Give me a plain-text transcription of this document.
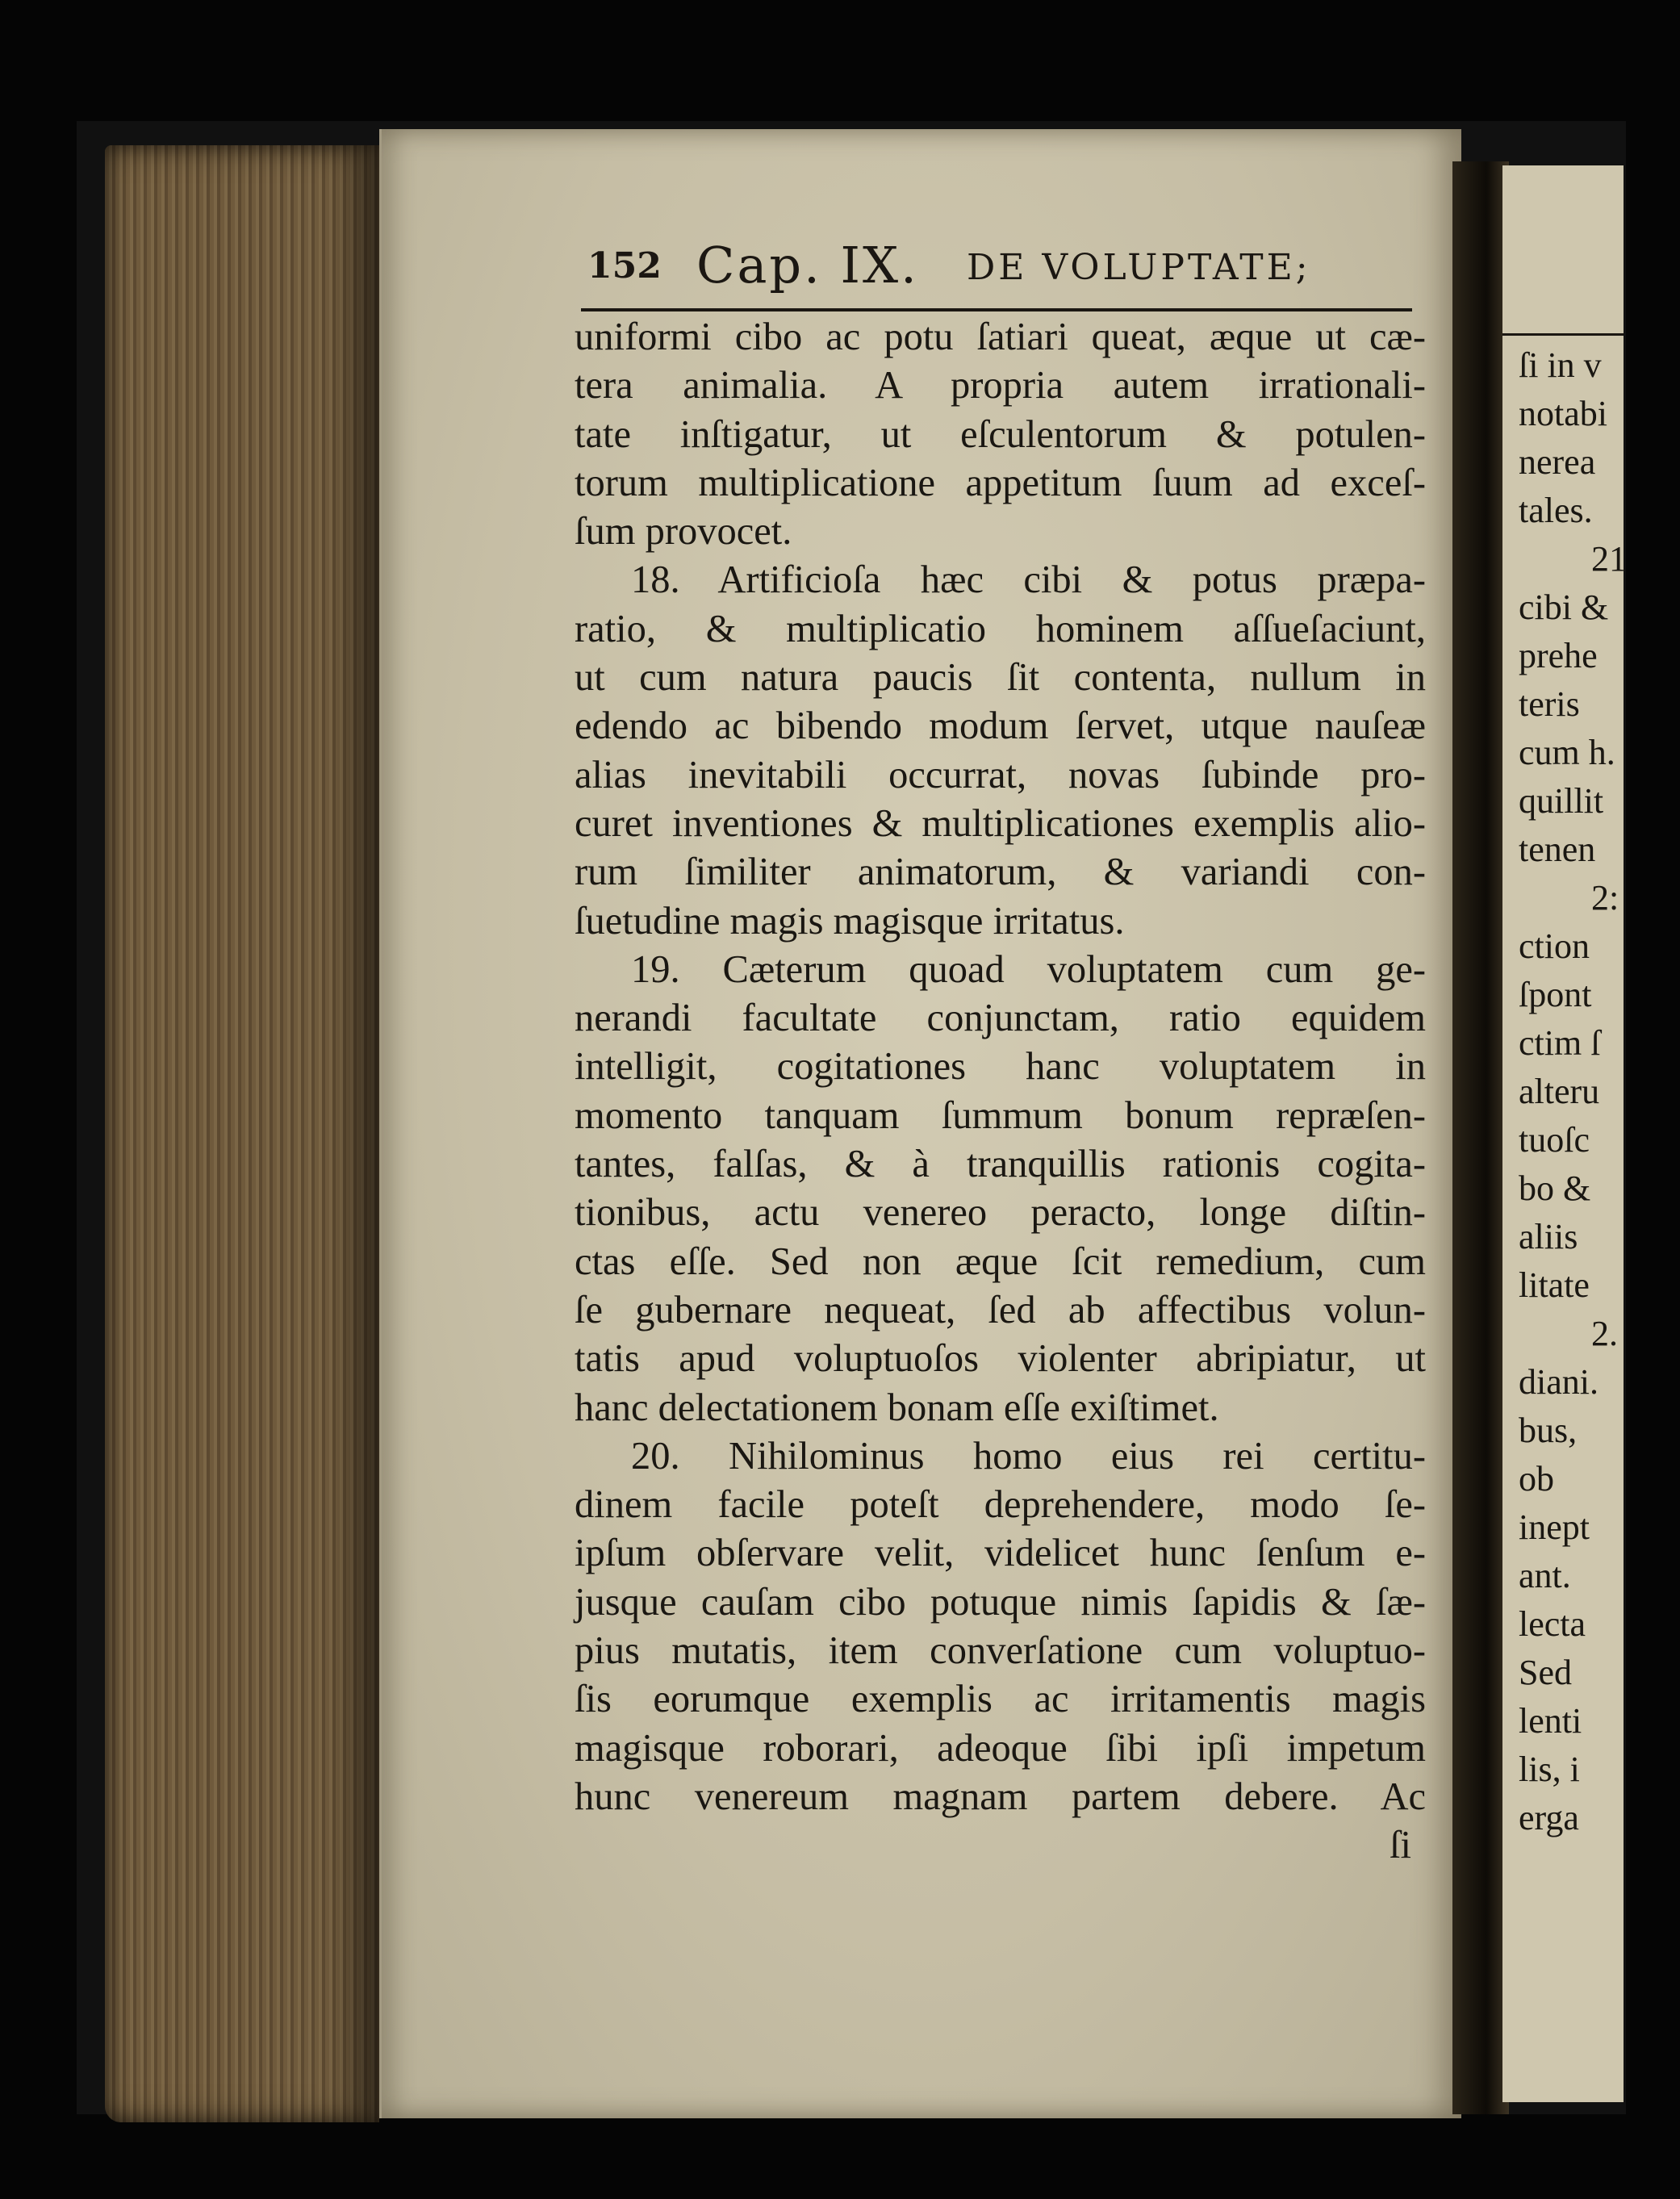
152 Cap. IX. DE VOLUPTATE;
uniformi cibo ac potu ſatiari queat, æque ut cæ-
tera animalia. A propria autem irrationali-
tate inſtigatur, ut eſculentorum & potulen-
torum multiplicatione appetitum ſuum ad exceſ-
ſum provocet.
18. Artificioſa hæc cibi & potus præpa-
ratio, & multiplicatio hominem aſſueſaciunt,
ut cum natura paucis ſit contenta, nullum in
edendo ac bibendo modum ſervet, utque nauſeæ
alias inevitabili occurrat, novas ſubinde pro-
curet inventiones & multiplicationes exemplis alio-
rum ſimiliter animatorum, & variandi con-
ſuetudine magis magisque irritatus.
19. Cæterum quoad voluptatem cum ge-
nerandi facultate conjunctam, ratio equidem
intelligit, cogitationes hanc voluptatem in
momento tanquam ſummum bonum repræſen-
tantes, falſas, & à tranquillis rationis cogita-
tionibus, actu venereo peracto, longe diſtin-
ctas eſſe. Sed non æque ſcit remedium, cum
ſe gubernare nequeat, ſed ab affectibus volun-
tatis apud voluptuoſos violenter abripiatur, ut
hanc delectationem bonam eſſe exiſtimet.
20. Nihilominus homo eius rei certitu-
dinem facile poteſt deprehendere, modo ſe-
ipſum obſervare velit, videlicet hunc ſenſum e-
jusque cauſam cibo potuque nimis ſapidis & ſæ-
pius mutatis, item converſatione cum voluptuo-
ſis eorumque exemplis ac irritamentis magis
magisque roborari, adeoque ſibi ipſi impetum
hunc venereum magnam partem debere. Ac
ſi
ſi in v
notabi
nerea
tales.
21
cibi &
prehe
teris
cum h.
quillit
tenen
2:
ction
ſpont
ctim ſ
alteru
tuoſc
bo &
aliis
litate
2.
diani.
bus,
ob
inept
ant.
lecta
Sed
lenti
lis, i
erga
